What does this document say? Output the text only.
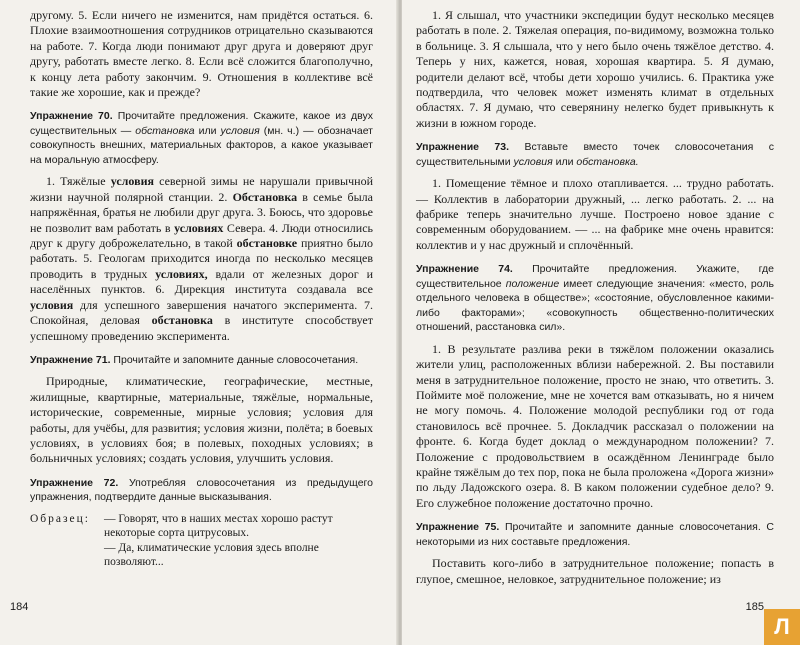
другому. 5. Если ничего не изменится, нам придётся остаться. 6. Плохие взаимоотношения сотрудников отрицательно сказываются на работе. 7. Когда люди понимают друг друга и доверяют друг другу, работать вместе легко. 8. Если всё сложится благополучно, к концу лета работу закончим. 9. Отношения в коллективе всё такие же хорошие, как и прежде?

Упражнение 70. Прочитайте предложения. Скажите, какое из двух существительных — обстановка или условия (мн. ч.) — обозначает совокупность внешних, материальных факторов, а какое указывает на моральную атмосферу.

1. Тяжёлые условия северной зимы не нарушали привычной жизни научной полярной станции. 2. Обстановка в семье была напряжённая, братья не любили друг друга. 3. Боюсь, что здоровье не позволит вам работать в условиях Севера. 4. Люди относились друг к другу доброжелательно, в такой обстановке приятно было работать. 5. Геологам приходится иногда по несколько месяцев проводить в трудных условиях, вдали от железных дорог и населённых пунктов. 6. Дирекция института создавала все условия для успешного завершения начатого эксперимента. 7. Спокойная, деловая обстановка в институте способствует успешному проведению эксперимента.

Упражнение 71. Прочитайте и запомните данные словосочетания.

Природные, климатические, географические, местные, жилищные, квартирные, материальные, тяжёлые, нормальные, исторические, современные, мирные условия; условия для работы, для учёбы, для развития; условия жизни, полёта; в боевых условиях, в условиях боя; в полевых, походных условиях; в больничных условиях; создать условия, улучшить условия.

Упражнение 72. Употребляя словосочетания из предыдущего упражнения, подтвердите данные высказывания.

Образец:	— Говорят, что в наших местах хорошо растут некоторые сорта цитрусовых.

— Да, климатические условия здесь вполне позволяют...

184

1. Я слышал, что участники экспедиции будут несколько месяцев работать в поле. 2. Тяжелая операция, по-видимому, возможна только в больнице. 3. Я слышала, что у него было очень тяжёлое детство. 4. Теперь у них, кажется, новая, хорошая квартира. 5. Я думаю, родители делают всё, чтобы дети хорошо учились. 6. Практика уже подтвердила, что человек может изменять климат в отдельных областях. 7. Я думаю, что северянину нелегко будет привыкнуть к жизни в южном городе.

Упражнение 73. Вставьте вместо точек словосочетания с существительными условия или обстановка.

1. Помещение тёмное и плохо отапливается. ... трудно работать. — Коллектив в лаборатории дружный, ... легко работать. 2. ... на фабрике теперь значительно лучше. Построено новое здание с современным оборудованием. — ... на фабрике мне очень нравится: коллектив и у нас дружный и сплочённый.

Упражнение 74. Прочитайте предложения. Укажите, где существительное положение имеет следующие значения: «место, роль отдельного человека в обществе»; «состояние, обусловленное какими-либо факторами»; «совокупность общественно-политических отношений, расстановка сил».

1. В результате разлива реки в тяжёлом положении оказались жители улиц, расположенных вблизи набережной. 2. Вы поставили меня в затруднительное положение, просто не знаю, что ответить. 3. Поймите моё положение, мне не хочется вам отказывать, но я ничем не могу помочь. 4. Положение молодой республики год от года становилось всё прочнее. 5. Докладчик рассказал о положении на фронте. 6. Когда будет доклад о международном положении? 7. Положение с продовольствием в осаждённом Ленинграде было крайне тяжёлым до тех пор, пока не была проложена «Дорога жизни» по льду Ладожского озера. 8. В каком положении судебное дело? 9. Его служебное положение достаточно прочно.

Упражнение 75. Прочитайте и запомните данные словосочетания. С некоторыми из них составьте предложения.

Поставить кого-либо в затруднительное положение; попасть в глупое, смешное, неловкое, затруднительное положение; из

185
Л
